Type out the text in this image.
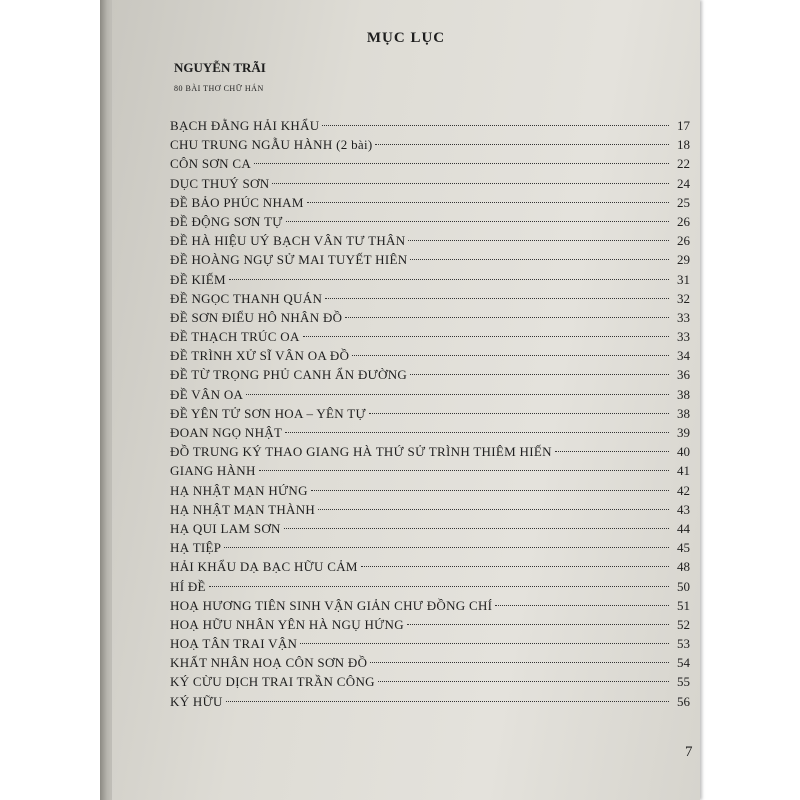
MỤC LỤC
NGUYỄN TRÃI
80 BÀI THƠ CHỮ HÁN
BẠCH ĐẰNG HẢI KHẨU	17
CHU TRUNG NGẪU HÀNH (2 bài)	18
CÔN SƠN CA	22
DỤC THUÝ SƠN	24
ĐỀ BẢO PHÚC NHAM	25
ĐỀ ĐỘNG SƠN TỰ	26
ĐỀ HÀ HIỆU UÝ BẠCH VÂN TƯ THÂN	26
ĐỀ HOÀNG NGỰ SỬ MAI TUYẾT HIÊN	29
ĐỀ KIẾM	31
ĐỀ NGỌC THANH QUÁN	32
ĐỀ SƠN ĐIỂU HÔ NHÂN ĐỒ	33
ĐỀ THẠCH TRÚC OA	33
ĐỀ TRÌNH XỬ SĨ VÂN OA ĐỒ	34
ĐỀ TỪ TRỌNG PHỦ CANH ẨN ĐƯỜNG	36
ĐỀ VÂN OA	38
ĐỀ YÊN TỬ SƠN HOA – YÊN TỰ	38
ĐOAN NGỌ NHẬT	39
ĐỒ TRUNG KÝ THAO GIANG HÀ THỨ SỬ TRÌNH THIÊM HIẾN	40
GIANG HÀNH	41
HẠ NHẬT MẠN HỨNG	42
HẠ NHẬT MẠN THÀNH	43
HẠ QUI LAM SƠN	44
HẠ TIỆP	45
HẢI KHẨU DẠ BẠC HỮU CẢM	48
HÍ ĐỀ	50
HOẠ HƯƠNG TIÊN SINH VẬN GIẢN CHƯ ĐỒNG CHÍ	51
HOẠ HỮU NHÂN YÊN HÀ NGỤ HỨNG	52
HOẠ TÂN TRAI VẬN	53
KHẤT NHÂN HOẠ CÔN SƠN ĐỒ	54
KÝ CỪU DỊCH TRAI TRẦN CÔNG	55
KÝ HỮU	56
7
